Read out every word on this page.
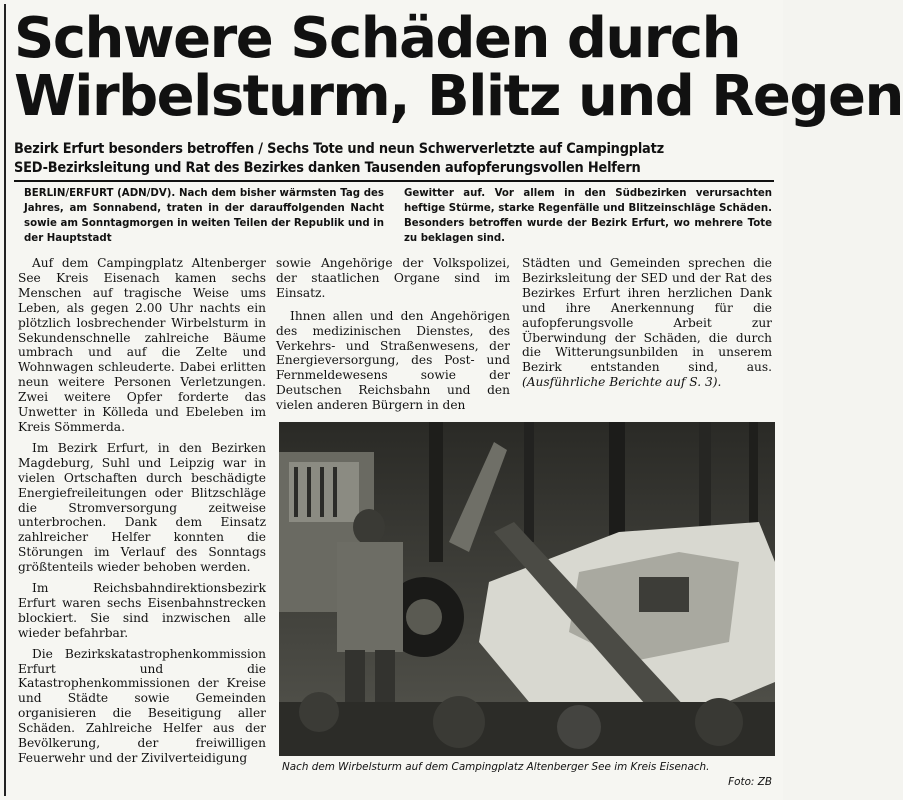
Schwere Schäden durch
Wirbelsturm, Blitz und Regen
Bezirk Erfurt besonders betroffen / Sechs Tote und neun Schwerverletzte auf Campingplatz
SED-Bezirksleitung und Rat des Bezirkes danken Tausenden aufopferungsvollen Helfern
BERLIN/ERFURT (ADN/DV). Nach dem bisher wärmsten Tag des Jahres, am Sonnabend, traten in der darauffolgenden Nacht sowie am Sonntagmorgen in weiten Teilen der Republik und in der Hauptstadt
Gewitter auf. Vor allem in den Südbezirken verursachten heftige Stürme, starke Regenfälle und Blitzeinschläge Schäden. Besonders betroffen wurde der Bezirk Erfurt, wo mehrere Tote zu beklagen sind.

Auf dem Campingplatz Altenberger See Kreis Eisenach kamen sechs Menschen auf tragische Weise ums Leben, als gegen 2.00 Uhr nachts ein plötzlich losbrechender Wirbelsturm in Sekundenschnelle zahlreiche Bäume umbrach und auf die Zelte und Wohnwagen schleuderte. Dabei erlitten neun weitere Personen Verletzungen. Zwei weitere Opfer forderte das Unwetter in Kölleda und Ebeleben im Kreis Sömmerda.

Im Bezirk Erfurt, in den Bezirken Magdeburg, Suhl und Leipzig war in vielen Ortschaften durch beschädigte Energiefreileitungen oder Blitzschläge die Stromversorgung zeitweise unterbrochen. Dank dem Einsatz zahlreicher Helfer konnten die Störungen im Verlauf des Sonntags größtenteils wieder behoben werden.

Im Reichsbahndirektionsbezirk Erfurt waren sechs Eisenbahnstrecken blockiert. Sie sind inzwischen alle wieder befahrbar.

Die Bezirkskatastrophenkommission Erfurt und die Katastrophenkommissionen der Kreise und Städte sowie Gemeinden organisieren die Beseitigung aller Schäden. Zahlreiche Helfer aus der Bevölkerung, der freiwilligen Feuerwehr und der Zivilverteidigung

sowie Angehörige der Volkspolizei, der staatlichen Organe sind im Einsatz.

Ihnen allen und den Angehörigen des medizinischen Dienstes, des Verkehrs- und Straßenwesens, der Energieversorgung, des Post- und Fernmeldewesens sowie der Deutschen Reichsbahn und den vielen anderen Bürgern in den

Städten und Gemeinden sprechen die Bezirksleitung der SED und der Rat des Bezirkes Erfurt ihren herzlichen Dank und ihre Anerkennung für die aufopferungsvolle Arbeit zur Überwindung der Schäden, die durch die Witterungsunbilden in unserem Bezirk entstanden sind, aus. (Ausführliche Berichte auf S. 3).

Nach dem Wirbelsturm auf dem Campingplatz Altenberger See im Kreis Eisenach.
Foto: ZB
